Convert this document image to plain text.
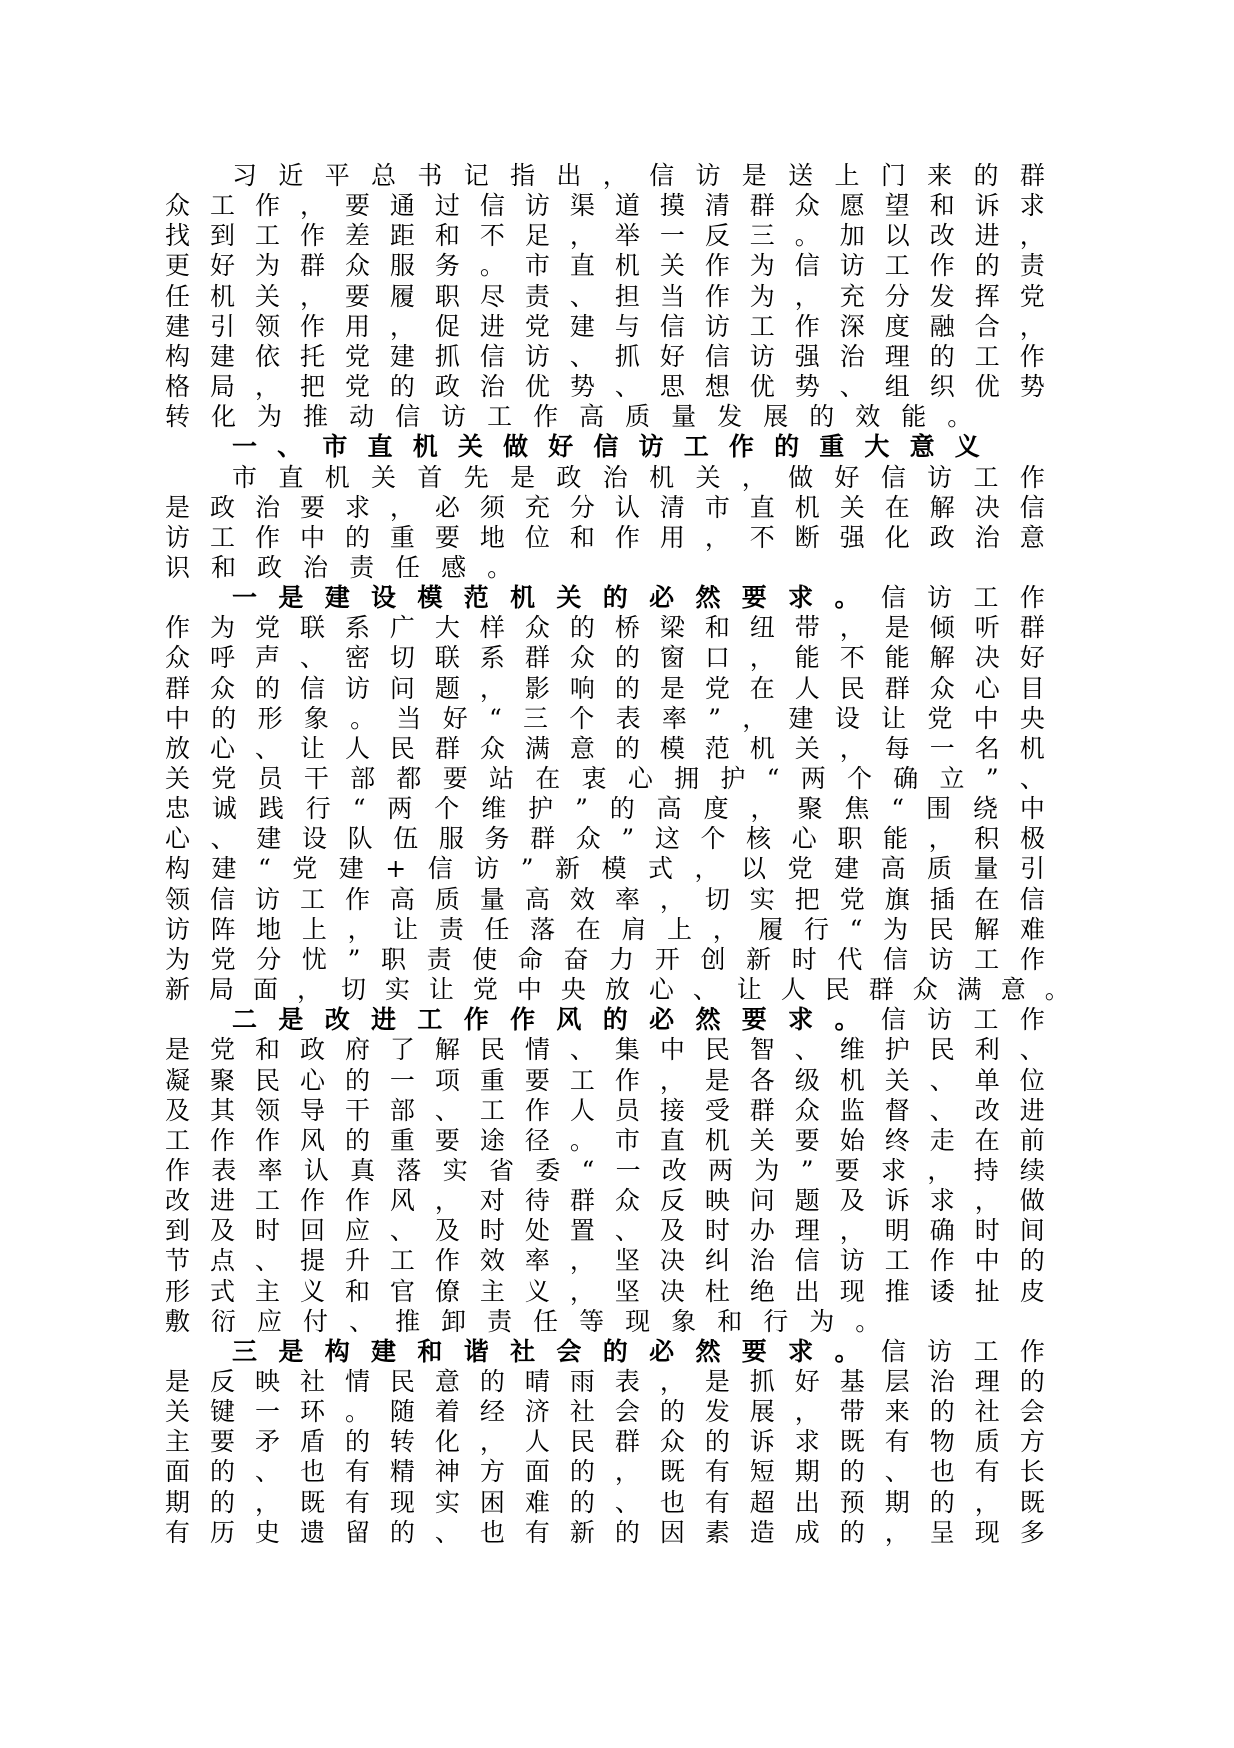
习 近 平 总 书 记 指 出 ， 信 访 是 送 上 门 来 的 群
众 工 作 ， 要 通 过 信 访 渠 道 摸 清 群 众 愿 望 和 诉 求
找 到 工 作 差 距 和 不 足 ， 举 一 反 三 。 加 以 改 进 ，
更 好 为 群 众 服 务 。 市 直 机 关 作 为 信 访 工 作 的 责
任 机 关 ， 要 履 职 尽 责 、 担 当 作 为 ， 充 分 发 挥 党
建 引 领 作 用 ， 促 进 党 建 与 信 访 工 作 深 度 融 合 ，
构 建 依 托 党 建 抓 信 访 、 抓 好 信 访 强 治 理 的 工 作
格 局 ， 把 党 的 政 治 优 势 、 思 想 优 势 、 组 织 优 势
转 化 为 推 动 信 访 工 作 高 质 量 发 展 的 效 能 。
一 、 市 直 机 关 做 好 信 访 工 作 的 重 大 意 义
市 直 机 关 首 先 是 政 治 机 关 ， 做 好 信 访 工 作
是 政 治 要 求 ， 必 须 充 分 认 清 市 直 机 关 在 解 决 信
访 工 作 中 的 重 要 地 位 和 作 用 ， 不 断 强 化 政 治 意
识 和 政 治 责 任 感 。
一 是 建 设 模 范 机 关 的 必 然 要 求 。 信 访 工 作
作 为 党 联 系 广 大 样 众 的 桥 梁 和 纽 带 ， 是 倾 听 群
众 呼 声 、 密 切 联 系 群 众 的 窗 口 ， 能 不 能 解 决 好
群 众 的 信 访 问 题 ， 影 响 的 是 党 在 人 民 群 众 心 目
中 的 形 象 。 当 好 “ 三 个 表 率 ” ， 建 设 让 党 中 央
放 心 、 让 人 民 群 众 满 意 的 模 范 机 关 ， 每 一 名 机
关 党 员 干 部 都 要 站 在 衷 心 拥 护 “ 两 个 确 立 ” 、
忠 诚 践 行 “ 两 个 维 护 ” 的 高 度 ， 聚 焦 “ 围 绕 中
心 、 建 设 队 伍 服 务 群 众 ” 这 个 核 心 职 能 ， 积 极
构 建 “ 党 建 + 信 访 ” 新 模 式 ， 以 党 建 高 质 量 引
领 信 访 工 作 高 质 量 高 效 率 ， 切 实 把 党 旗 插 在 信
访 阵 地 上 ， 让 责 任 落 在 肩 上 ， 履 行 “ 为 民 解 难
为 党 分 忧 ” 职 责 使 命 奋 力 开 创 新 时 代 信 访 工 作
新 局 面 ， 切 实 让 党 中 央 放 心 、 让 人 民 群 众 满 意 。
二 是 改 进 工 作 作 风 的 必 然 要 求 。 信 访 工 作
是 党 和 政 府 了 解 民 情 、 集 中 民 智 、 维 护 民 利 、
凝 聚 民 心 的 一 项 重 要 工 作 ， 是 各 级 机 关 、 单 位
及 其 领 导 干 部 、 工 作 人 员 接 受 群 众 监 督 、 改 进
工 作 作 风 的 重 要 途 径 。 市 直 机 关 要 始 终 走 在 前
作 表 率 认 真 落 实 省 委 “ 一 改 两 为 ” 要 求 ， 持 续
改 进 工 作 作 风 ， 对 待 群 众 反 映 问 题 及 诉 求 ， 做
到 及 时 回 应 、 及 时 处 置 、 及 时 办 理 ， 明 确 时 间
节 点 、 提 升 工 作 效 率 ， 坚 决 纠 治 信 访 工 作 中 的
形 式 主 义 和 官 僚 主 义 ， 坚 决 杜 绝 出 现 推 诿 扯 皮
敷 衍 应 付 、 推 卸 责 任 等 现 象 和 行 为 。
三 是 构 建 和 谐 社 会 的 必 然 要 求 。 信 访 工 作
是 反 映 社 情 民 意 的 晴 雨 表 ， 是 抓 好 基 层 治 理 的
关 键 一 环 。 随 着 经 济 社 会 的 发 展 ， 带 来 的 社 会
主 要 矛 盾 的 转 化 ， 人 民 群 众 的 诉 求 既 有 物 质 方
面 的 、 也 有 精 神 方 面 的 ， 既 有 短 期 的 、 也 有 长
期 的 ， 既 有 现 实 困 难 的 、 也 有 超 出 预 期 的 ， 既
有 历 史 遗 留 的 、 也 有 新 的 因 素 造 成 的 ， 呈 现 多
